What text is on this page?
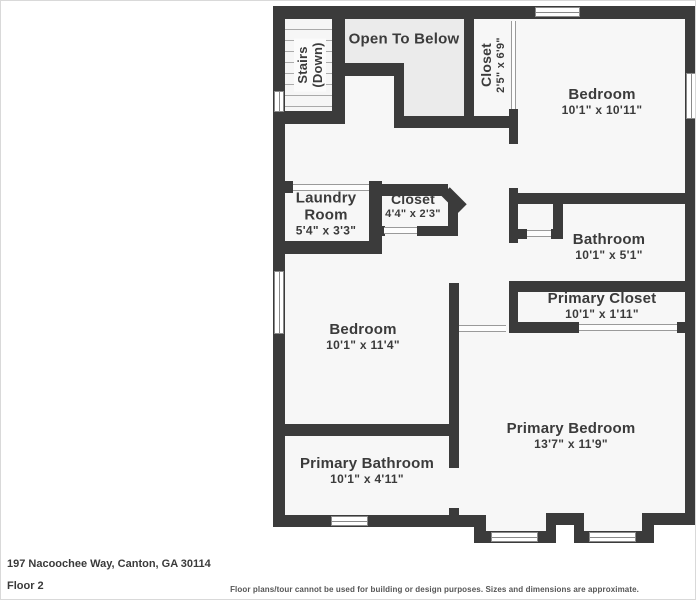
Stairs (Down)
Open To Below
Closet 2'5" x 6'9"
Bedroom
10'1" x 10'11"
Laundry Room
5'4" x 3'3"
Closet
4'4" x 2'3"
Bathroom
10'1" x 5'1"
Primary Closet
10'1" x 1'11"
Bedroom
10'1" x 11'4"
Primary Bedroom
13'7" x 11'9"
Primary Bathroom
10'1" x 4'11"
197 Nacoochee Way, Canton, GA 30114
Floor 2	Floor plans/tour cannot be used for building or design purposes. Sizes and dimensions are approximate.
